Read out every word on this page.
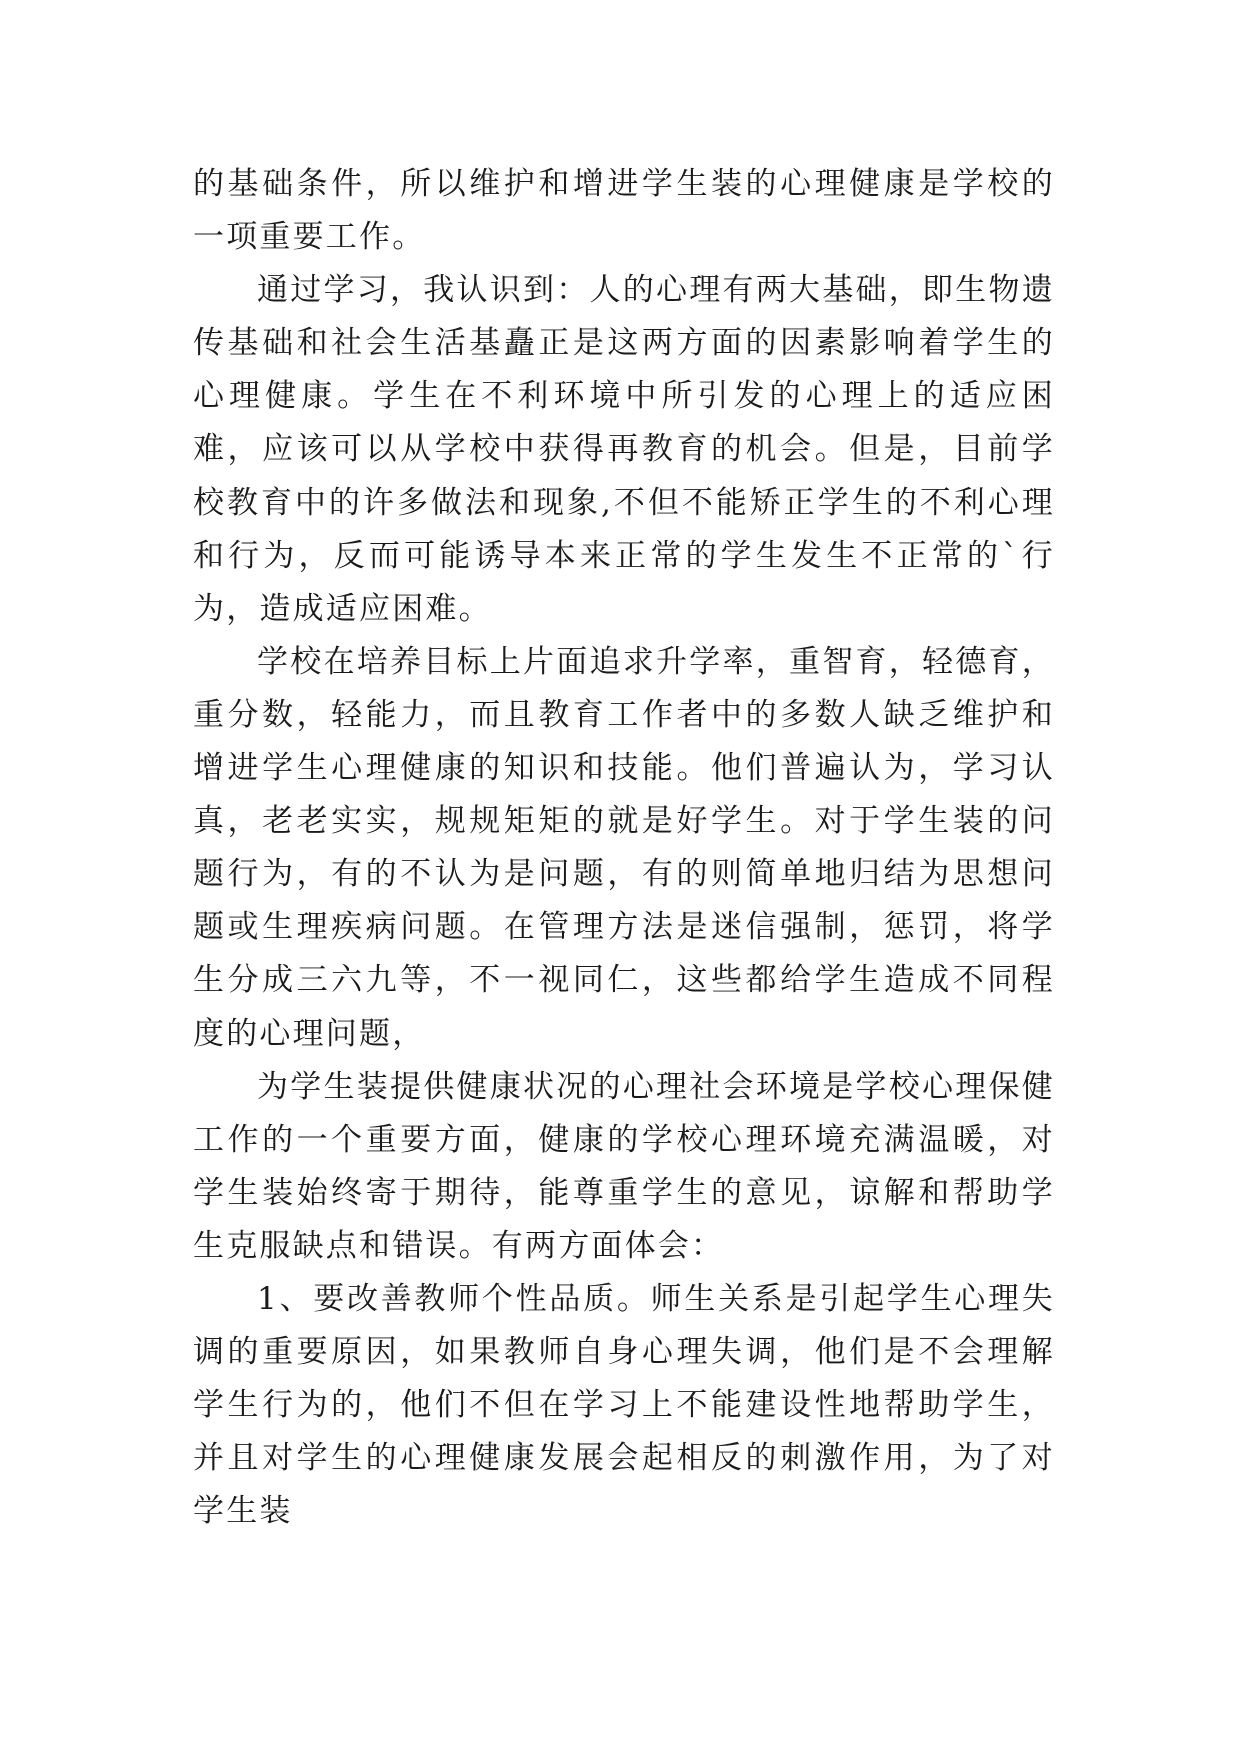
的基础条件，所以维护和增进学生装的心理健康是学校的一项重要工作。

通过学习，我认识到：人的心理有两大基础，即生物遗传基础和社会生活基矗正是这两方面的因素影响着学生的心理健康。学生在不利环境中所引发的心理上的适应困难，应该可以从学校中获得再教育的机会。但是，目前学校教育中的许多做法和现象,不但不能矫正学生的不利心理和行为，反而可能诱导本来正常的学生发生不正常的`行为，造成适应困难。

学校在培养目标上片面追求升学率，重智育，轻德育，重分数，轻能力，而且教育工作者中的多数人缺乏维护和增进学生心理健康的知识和技能。他们普遍认为，学习认真，老老实实，规规矩矩的就是好学生。对于学生装的问题行为，有的不认为是问题，有的则简单地归结为思想问题或生理疾病问题。在管理方法是迷信强制，惩罚，将学生分成三六九等，不一视同仁，这些都给学生造成不同程度的心理问题，

为学生装提供健康状况的心理社会环境是学校心理保健工作的一个重要方面，健康的学校心理环境充满温暖，对学生装始终寄于期待，能尊重学生的意见，谅解和帮助学生克服缺点和错误。有两方面体会：

1、要改善教师个性品质。师生关系是引起学生心理失调的重要原因，如果教师自身心理失调，他们是不会理解学生行为的，他们不但在学习上不能建设性地帮助学生，并且对学生的心理健康发展会起相反的刺激作用，为了对学生装
